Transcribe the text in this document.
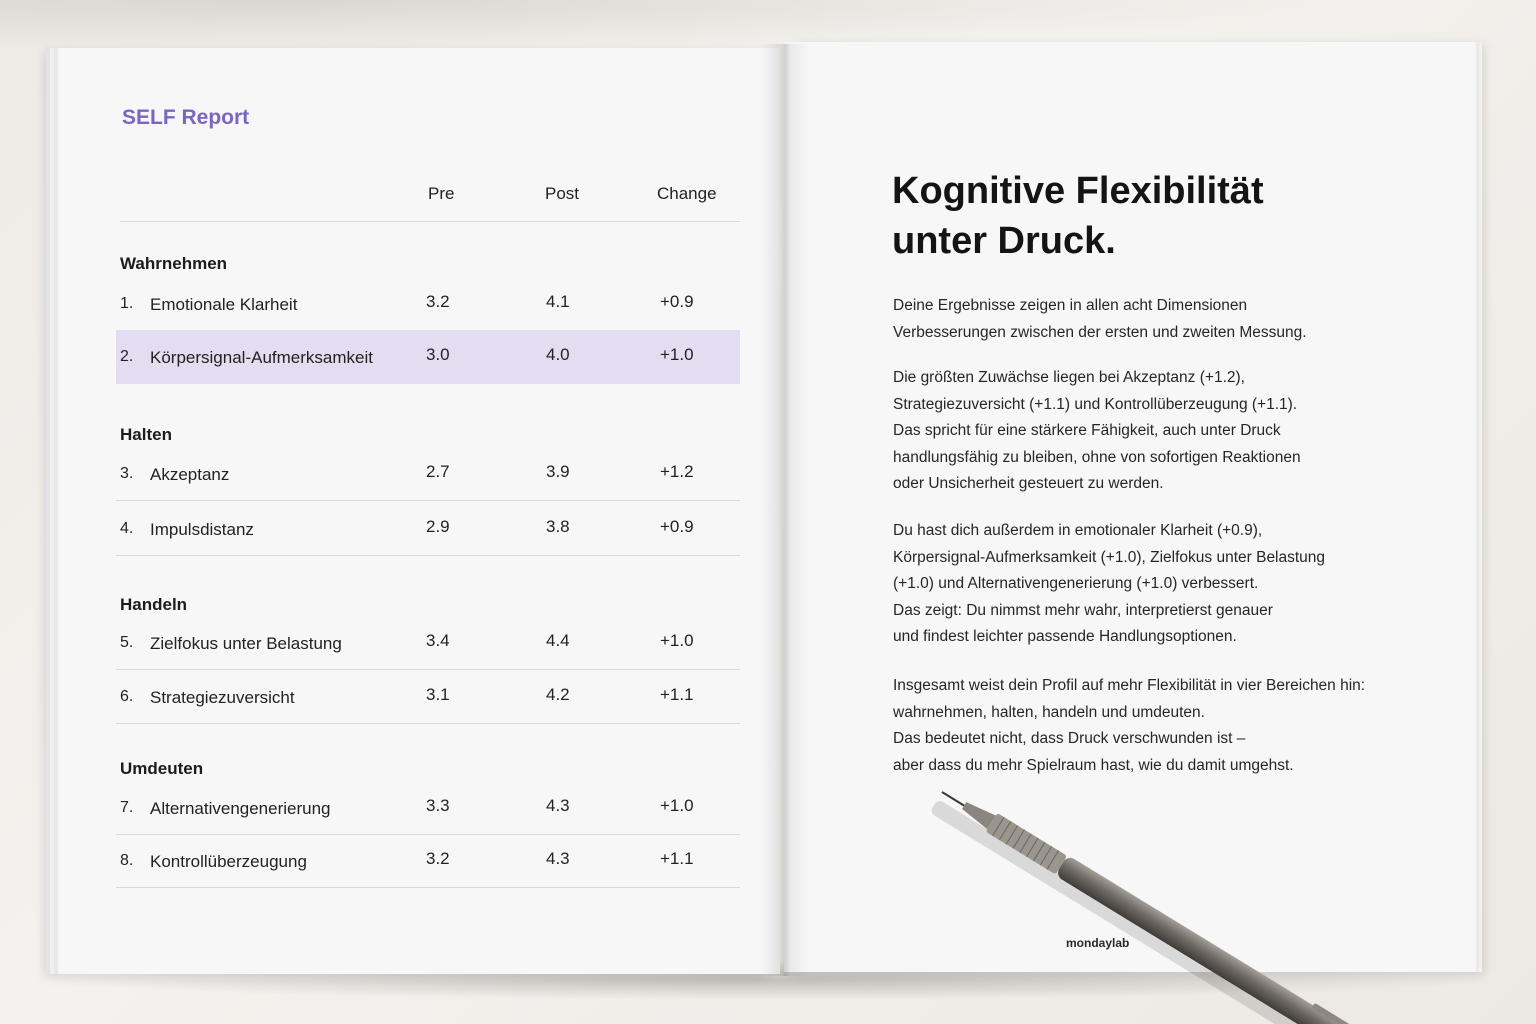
SELF Report
Pre	Post	Change
Wahrnehmen
1. Emotionale Klarheit	3.2	4.1	+0.9
2. Körpersignal-Aufmerksamkeit	3.0	4.0	+1.0
Halten
3. Akzeptanz	2.7	3.9	+1.2
4. Impulsdistanz	2.9	3.8	+0.9
Handeln
5. Zielfokus unter Belastung	3.4	4.4	+1.0
6. Strategiezuversicht	3.1	4.2	+1.1
Umdeuten
7. Alternativengenerierung	3.3	4.3	+1.0
8. Kontrollüberzeugung	3.2	4.3	+1.1
Kognitive Flexibilität
unter Druck.
Deine Ergebnisse zeigen in allen acht Dimensionen
Verbesserungen zwischen der ersten und zweiten Messung.
Die größten Zuwächse liegen bei Akzeptanz (+1.2),
Strategiezuversicht (+1.1) und Kontrollüberzeugung (+1.1).
Das spricht für eine stärkere Fähigkeit, auch unter Druck
handlungsfähig zu bleiben, ohne von sofortigen Reaktionen
oder Unsicherheit gesteuert zu werden.
Du hast dich außerdem in emotionaler Klarheit (+0.9),
Körpersignal-Aufmerksamkeit (+1.0), Zielfokus unter Belastung
(+1.0) und Alternativengenerierung (+1.0) verbessert.
Das zeigt: Du nimmst mehr wahr, interpretierst genauer
und findest leichter passende Handlungsoptionen.
Insgesamt weist dein Profil auf mehr Flexibilität in vier Bereichen hin:
wahrnehmen, halten, handeln und umdeuten.
Das bedeutet nicht, dass Druck verschwunden ist –
aber dass du mehr Spielraum hast, wie du damit umgehst.
mondaylab
